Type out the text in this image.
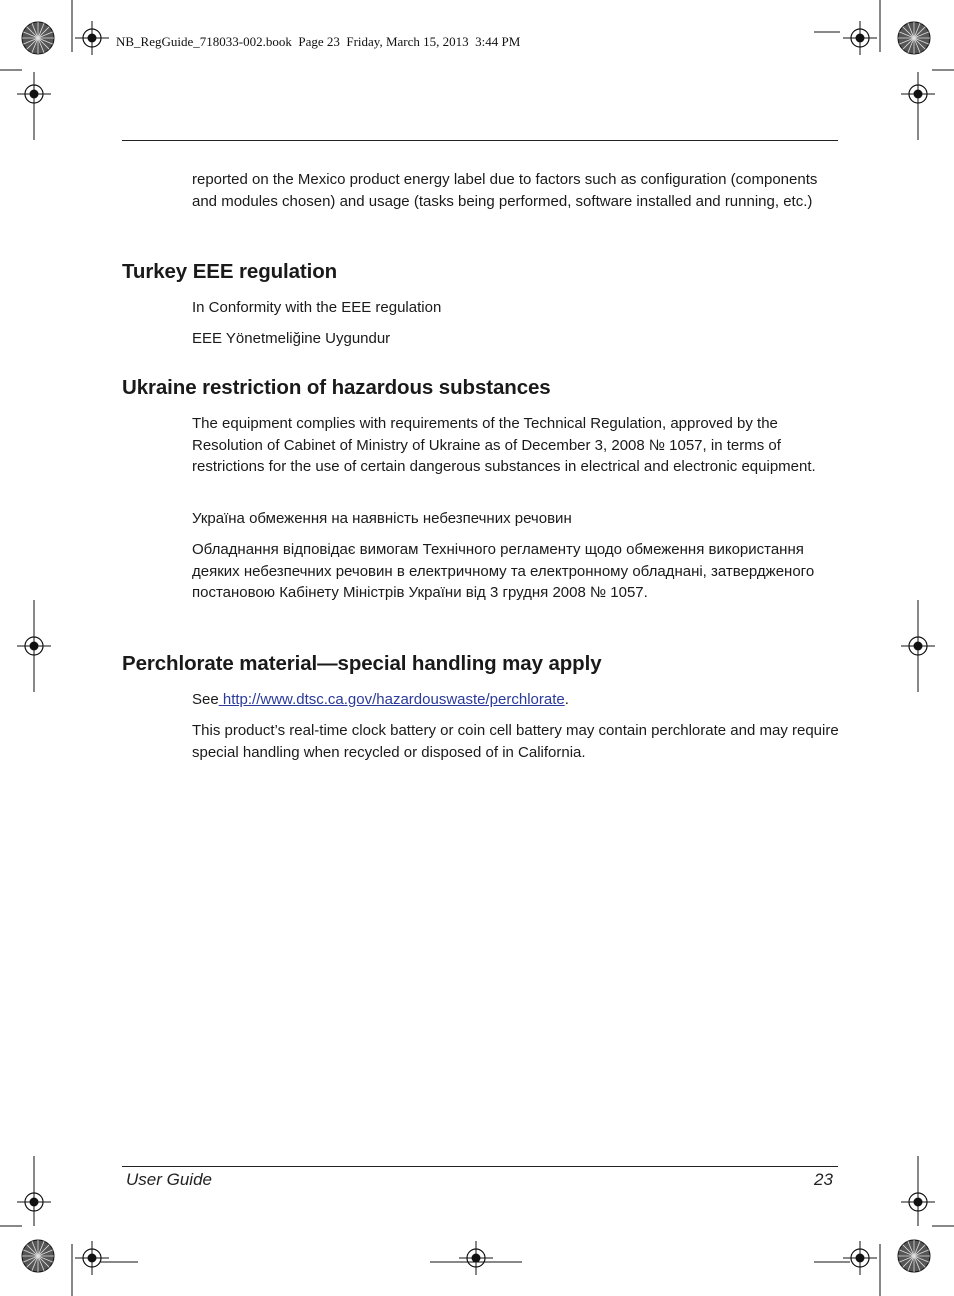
NB_RegGuide_718033-002.book  Page 23  Friday, March 15, 2013  3:44 PM
reported on the Mexico product energy label due to factors such as configuration (components and modules chosen) and usage (tasks being performed, software installed and running, etc.)
Turkey EEE regulation
In Conformity with the EEE regulation
EEE Yönetmeliğine Uygundur
Ukraine restriction of hazardous substances
The equipment complies with requirements of the Technical Regulation, approved by the Resolution of Cabinet of Ministry of Ukraine as of December 3, 2008 № 1057, in terms of restrictions for the use of certain dangerous substances in electrical and electronic equipment.
Україна обмеження на наявність небезпечних речовин
Обладнання відповідає вимогам Технічного регламенту щодо обмеження використання деяких небезпечних речовин в електричному та електронному обладнані, затвердженого постановою Кабінету Міністрів України від 3 грудня 2008 № 1057.
Perchlorate material—special handling may apply
See http://www.dtsc.ca.gov/hazardouswaste/perchlorate.
This product’s real-time clock battery or coin cell battery may contain perchlorate and may require special handling when recycled or disposed of in California.
User Guide	23
